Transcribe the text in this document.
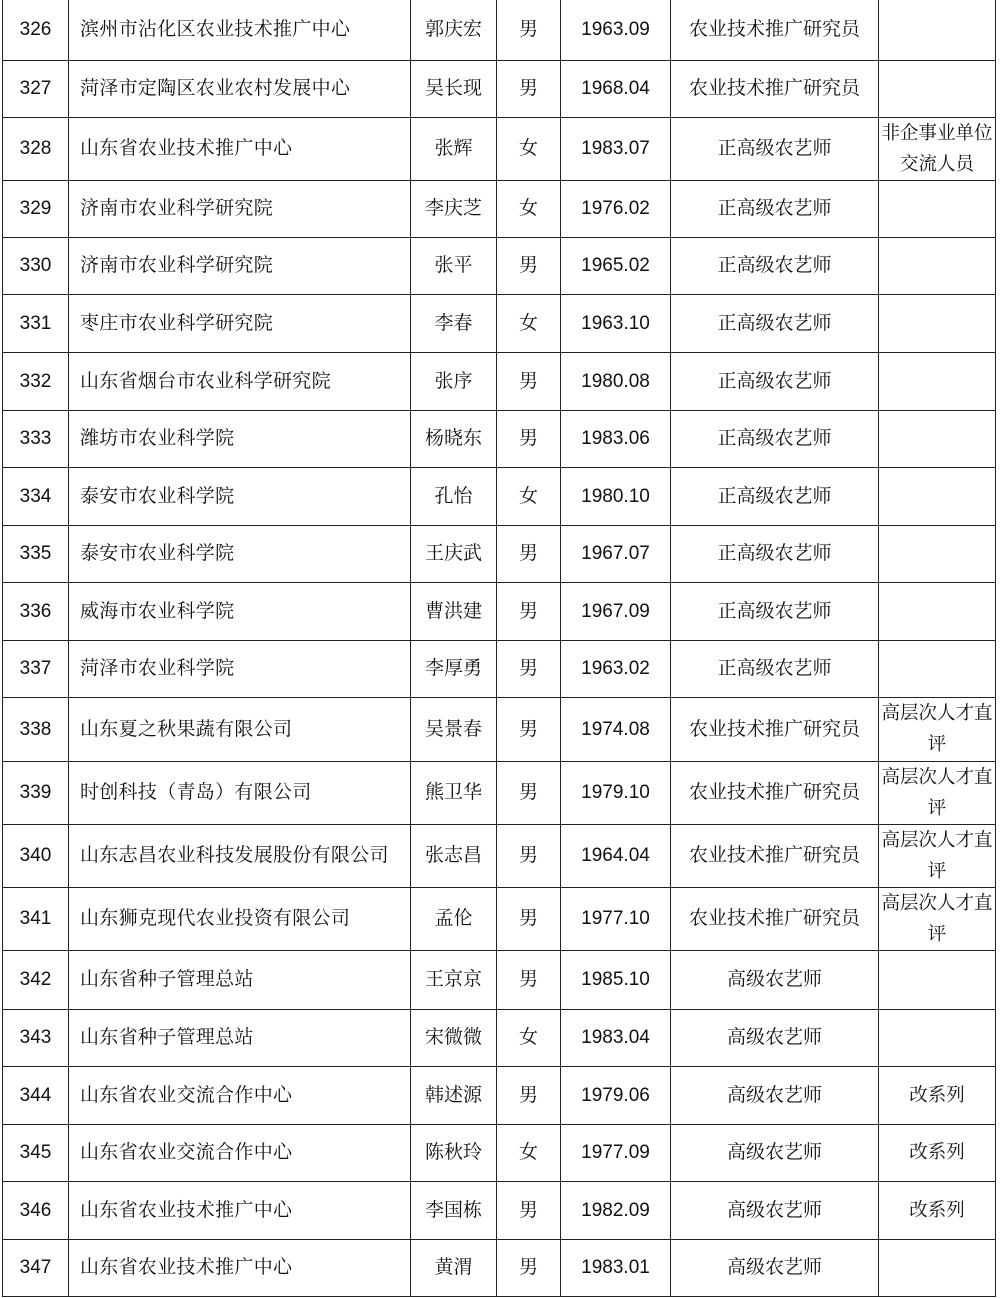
326	滨州市沾化区农业技术推广中心	郭庆宏	男	1963.09	农业技术推广研究员	
327	菏泽市定陶区农业农村发展中心	吴长现	男	1968.04	农业技术推广研究员	
328	山东省农业技术推广中心	张辉	女	1983.07	正高级农艺师	非企事业单位交流人员
329	济南市农业科学研究院	李庆芝	女	1976.02	正高级农艺师	
330	济南市农业科学研究院	张平	男	1965.02	正高级农艺师	
331	枣庄市农业科学研究院	李春	女	1963.10	正高级农艺师	
332	山东省烟台市农业科学研究院	张序	男	1980.08	正高级农艺师	
333	潍坊市农业科学院	杨晓东	男	1983.06	正高级农艺师	
334	泰安市农业科学院	孔怡	女	1980.10	正高级农艺师	
335	泰安市农业科学院	王庆武	男	1967.07	正高级农艺师	
336	威海市农业科学院	曹洪建	男	1967.09	正高级农艺师	
337	菏泽市农业科学院	李厚勇	男	1963.02	正高级农艺师	
338	山东夏之秋果蔬有限公司	吴景春	男	1974.08	农业技术推广研究员	高层次人才直评
339	时创科技（青岛）有限公司	熊卫华	男	1979.10	农业技术推广研究员	高层次人才直评
340	山东志昌农业科技发展股份有限公司	张志昌	男	1964.04	农业技术推广研究员	高层次人才直评
341	山东狮克现代农业投资有限公司	孟伦	男	1977.10	农业技术推广研究员	高层次人才直评
342	山东省种子管理总站	王京京	男	1985.10	高级农艺师	
343	山东省种子管理总站	宋微微	女	1983.04	高级农艺师	
344	山东省农业交流合作中心	韩述源	男	1979.06	高级农艺师	改系列
345	山东省农业交流合作中心	陈秋玲	女	1977.09	高级农艺师	改系列
346	山东省农业技术推广中心	李国栋	男	1982.09	高级农艺师	改系列
347	山东省农业技术推广中心	黄渭	男	1983.01	高级农艺师	
